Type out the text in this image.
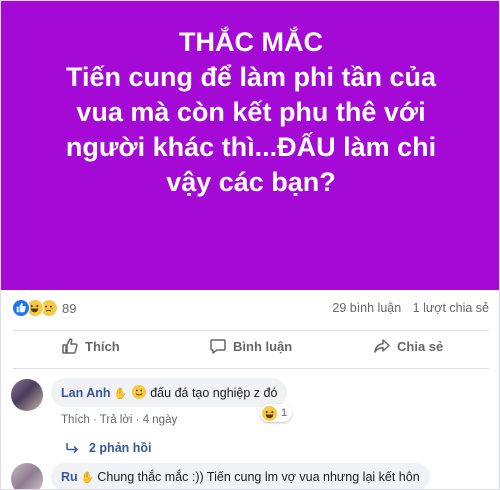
THẮC MẮC
Tiến cung để làm phi tần của
vua mà còn kết phu thê với
người khác thì...ĐẤU làm chi
vậy các bạn?
89	29 bình luận 1 lượt chia sẻ
Thích	Bình luận	Chia sẻ
Lan Anh ✋ đấu đá tạo nghiệp z đó
Thích · Trả lời · 4 ngày
1
2 phản hồi
Ru ✋ Chung thắc mắc :)) Tiến cung lm vợ vua nhưng lại kết hôn
